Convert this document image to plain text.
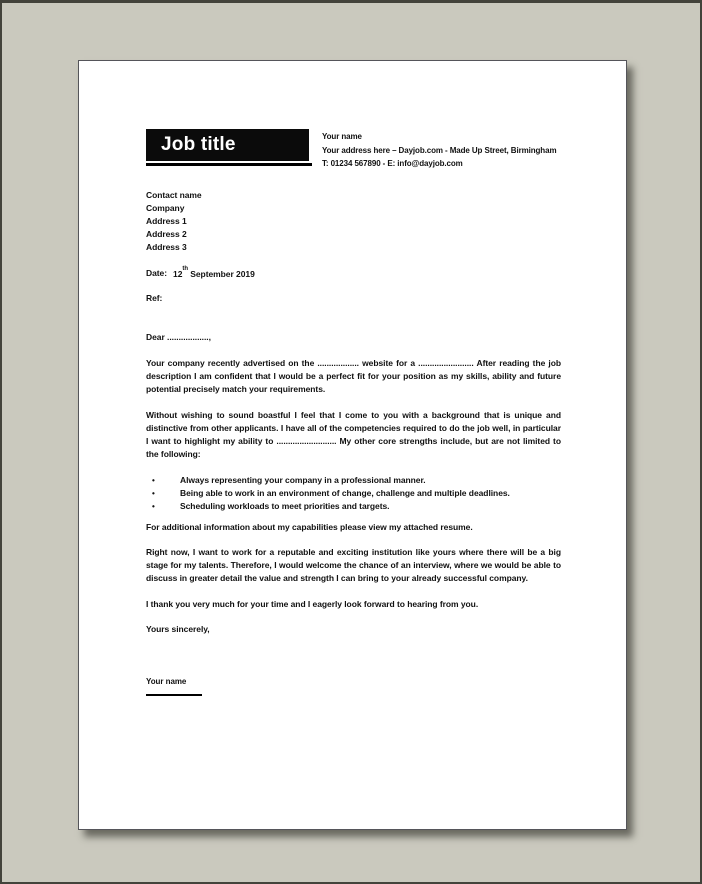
Job title	Your name
Your address here – Dayjob.com - Made Up Street, Birmingham
T: 01234 567890 - E: info@dayjob.com
Contact name
Company
Address 1
Address 2
Address 3

Date: 12th September 2019

Ref:

Dear ..................,

Your company recently advertised on the .................. website for a ........................ After reading the job description I am confident that I would be a perfect fit for your position as my skills, ability and future potential precisely match your requirements.

Without wishing to sound boastful I feel that I come to you with a background that is unique and distinctive from other applicants. I have all of the competencies required to do the job well, in particular I want to highlight my ability to .......................... My other core strengths include, but are not limited to the following:

•	Always representing your company in a professional manner.
•	Being able to work in an environment of change, challenge and multiple deadlines.
•	Scheduling workloads to meet priorities and targets.

For additional information about my capabilities please view my attached resume.

Right now, I want to work for a reputable and exciting institution like yours where there will be a big stage for my talents. Therefore, I would welcome the chance of an interview, where we would be able to discuss in greater detail the value and strength I can bring to your already successful company.

I thank you very much for your time and I eagerly look forward to hearing from you.

Yours sincerely,

Your name
